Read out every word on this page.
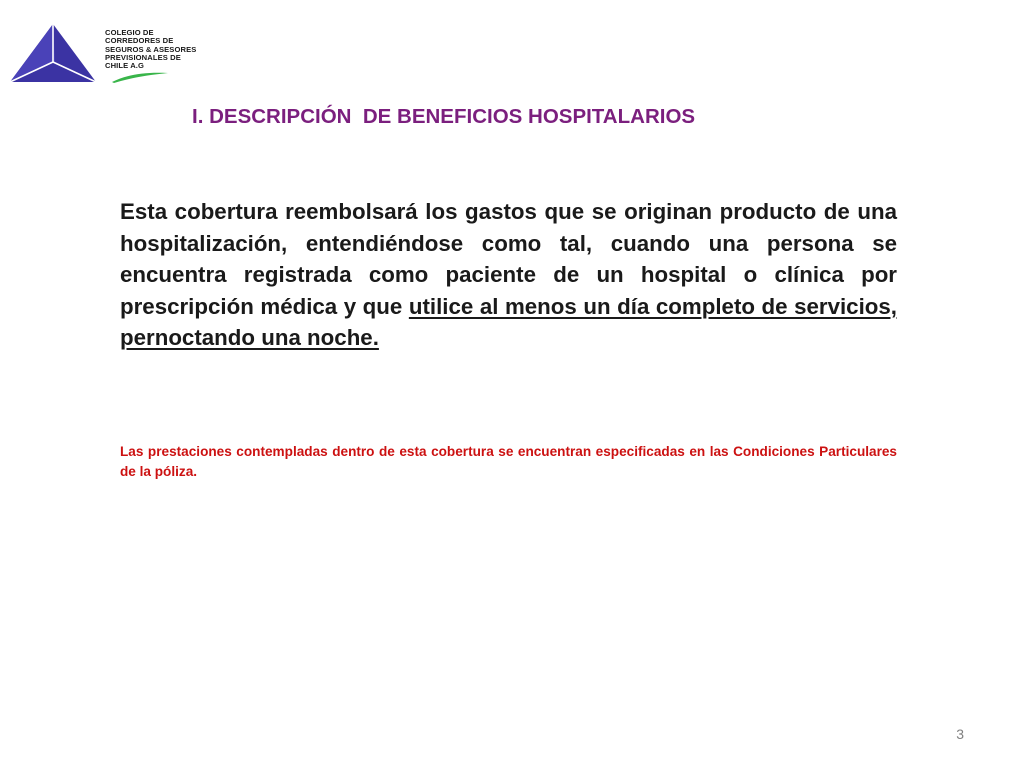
COLEGIO DE
CORREDORES DE
SEGUROS & ASESORES
PREVISIONALES DE
CHILE A.G
I. DESCRIPCIÓN  DE BENEFICIOS HOSPITALARIOS

Esta cobertura reembolsará los gastos que se originan producto de una hospitalización, entendiéndose como tal, cuando una persona se encuentra registrada como paciente de un hospital o clínica por prescripción médica y que utilice al menos un día completo de servicios, pernoctando una noche.

Las prestaciones contempladas dentro de esta cobertura se encuentran especificadas en las Condiciones Particulares de la póliza.

3
